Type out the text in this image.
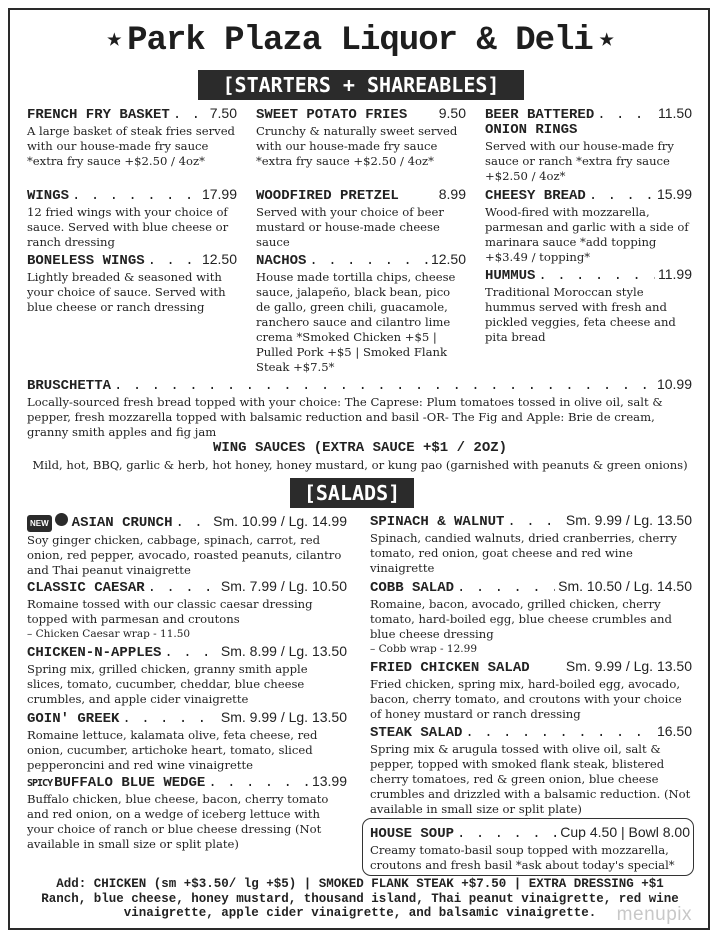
★ Park Plaza Liquor & Deli ★
[STARTERS + SHAREABLES]
FRENCH FRY BASKET . . .	7.50
A large basket of steak fries served with our house-made fry sauce *extra fry sauce +$2.50 / 4oz*
WINGS . . .	17.99
12 fried wings with your choice of sauce. Served with blue cheese or ranch dressing
BONELESS WINGS . . .	12.50
Lightly breaded & seasoned with your choice of sauce. Served with blue cheese or ranch dressing
SWEET POTATO FRIES 9.50
Crunchy & naturally sweet served with our house-made fry sauce *extra fry sauce +$2.50 / 4oz*
WOODFIRED PRETZEL	8.99
Served with your choice of beer mustard or house-made cheese sauce
NACHOS . . .	12.50
House made tortilla chips, cheese sauce, jalapeño, black bean, pico de gallo, green chili, guacamole, ranchero sauce and cilantro lime crema *Smoked Chicken +$5 | Pulled Pork +$5 | Smoked Flank Steak +$7.5*
BEER BATTERED . . .	11.50
ONION RINGS
Served with our house-made fry sauce or ranch *extra fry sauce +$2.50 / 4oz*
CHEESY BREAD . . .	15.99
Wood-fired with mozzarella, parmesan and garlic with a side of marinara sauce *add topping +$3.49 / topping*
HUMMUS . . .	11.99
Traditional Moroccan style hummus served with fresh and pickled veggies, feta cheese and pita bread
BRUSCHETTA . . .	10.99
Locally-sourced fresh bread topped with your choice: The Caprese: Plum tomatoes tossed in olive oil, salt & pepper, fresh mozzarella topped with balsamic reduction and basil -OR- The Fig and Apple: Brie de cream, granny smith apples and fig jam
WING SAUCES (EXTRA SAUCE +$1 / 2OZ)
Mild, hot, BBQ, garlic & herb, hot honey, honey mustard, or kung pao (garnished with peanuts & green onions)
[SALADS]
NEW ASIAN CRUNCH . . .	Sm. 10.99 / Lg. 14.99
Soy ginger chicken, cabbage, spinach, carrot, red onion, red pepper, avocado, roasted peanuts, cilantro and Thai peanut vinaigrette
CLASSIC CAESAR . . .	Sm. 7.99 / Lg. 10.50
Romaine tossed with our classic caesar dressing topped with parmesan and croutons
– Chicken Caesar wrap - 11.50
CHICKEN-N-APPLES . . .	Sm. 8.99 / Lg. 13.50
Spring mix, grilled chicken, granny smith apple slices, tomato, cucumber, cheddar, blue cheese crumbles, and apple cider vinaigrette
GOIN' GREEK . . .	Sm. 9.99 / Lg. 13.50
Romaine lettuce, kalamata olive, feta cheese, red onion, cucumber, artichoke heart, tomato, sliced pepperoncini and red wine vinaigrette
SPICY BUFFALO BLUE WEDGE . . .	13.99
Buffalo chicken, blue cheese, bacon, cherry tomato and red onion, on a wedge of iceberg lettuce with your choice of ranch or blue cheese dressing (Not available in small size or split plate)
SPINACH & WALNUT . . .	Sm. 9.99 / Lg. 13.50
Spinach, candied walnuts, dried cranberries, cherry tomato, red onion, goat cheese and red wine vinaigrette
COBB SALAD . . .	Sm. 10.50 / Lg. 14.50
Romaine, bacon, avocado, grilled chicken, cherry tomato, hard-boiled egg, blue cheese crumbles and blue cheese dressing
– Cobb wrap - 12.99
FRIED CHICKEN SALAD	Sm. 9.99 / Lg. 13.50
Fried chicken, spring mix, hard-boiled egg, avocado, bacon, cherry tomato, and croutons with your choice of honey mustard or ranch dressing
STEAK SALAD . . .	16.50
Spring mix & arugula tossed with olive oil, salt & pepper, topped with smoked flank steak, blistered cherry tomatoes, red & green onion, blue cheese crumbles and drizzled with a balsamic reduction. (Not available in small size or split plate)
HOUSE SOUP . . .	Cup 4.50 | Bowl 8.00
Creamy tomato-basil soup topped with mozzarella, croutons and fresh basil *ask about today's special*
Add: CHICKEN (sm +$3.50/ lg +$5) | SMOKED FLANK STEAK +$7.50 | EXTRA DRESSING +$1
Ranch, blue cheese, honey mustard, thousand island, Thai peanut vinaigrette, red wine vinaigrette, apple cider vinaigrette, and balsamic vinaigrette.	menupix
